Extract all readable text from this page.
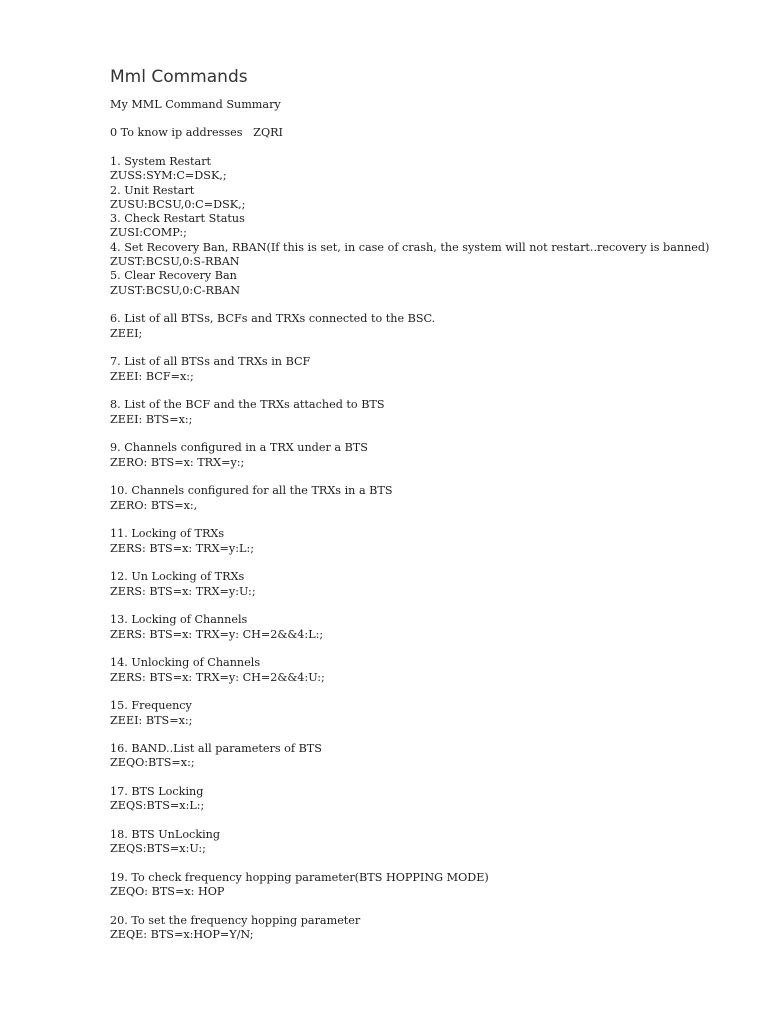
Mml Commands
My MML Command Summary
0 To know ip addresses   ZQRI
1. System Restart
ZUSS:SYM:C=DSK,;
2. Unit Restart
ZUSU:BCSU,0:C=DSK,;
3. Check Restart Status
ZUSI:COMP:;
4. Set Recovery Ban, RBAN(If this is set, in case of crash, the system will not restart..recovery is banned)
ZUST:BCSU,0:S-RBAN
5. Clear Recovery Ban
ZUST:BCSU,0:C-RBAN
6. List of all BTSs, BCFs and TRXs connected to the BSC.
ZEEI;
7. List of all BTSs and TRXs in BCF
ZEEI: BCF=x:;
8. List of the BCF and the TRXs attached to BTS
ZEEI: BTS=x:;
9. Channels configured in a TRX under a BTS
ZERO: BTS=x: TRX=y:;
10. Channels configured for all the TRXs in a BTS
ZERO: BTS=x:,
11. Locking of TRXs
ZERS: BTS=x: TRX=y:L:;
12. Un Locking of TRXs
ZERS: BTS=x: TRX=y:U:;
13. Locking of Channels
ZERS: BTS=x: TRX=y: CH=2&&4:L:;
14. Unlocking of Channels
ZERS: BTS=x: TRX=y: CH=2&&4:U:;
15. Frequency
ZEEI: BTS=x:;
16. BAND..List all parameters of BTS
ZEQO:BTS=x:;
17. BTS Locking
ZEQS:BTS=x:L:;
18. BTS UnLocking
ZEQS:BTS=x:U:;
19. To check frequency hopping parameter(BTS HOPPING MODE)
ZEQO: BTS=x: HOP
20. To set the frequency hopping parameter
ZEQE: BTS=x:HOP=Y/N;
